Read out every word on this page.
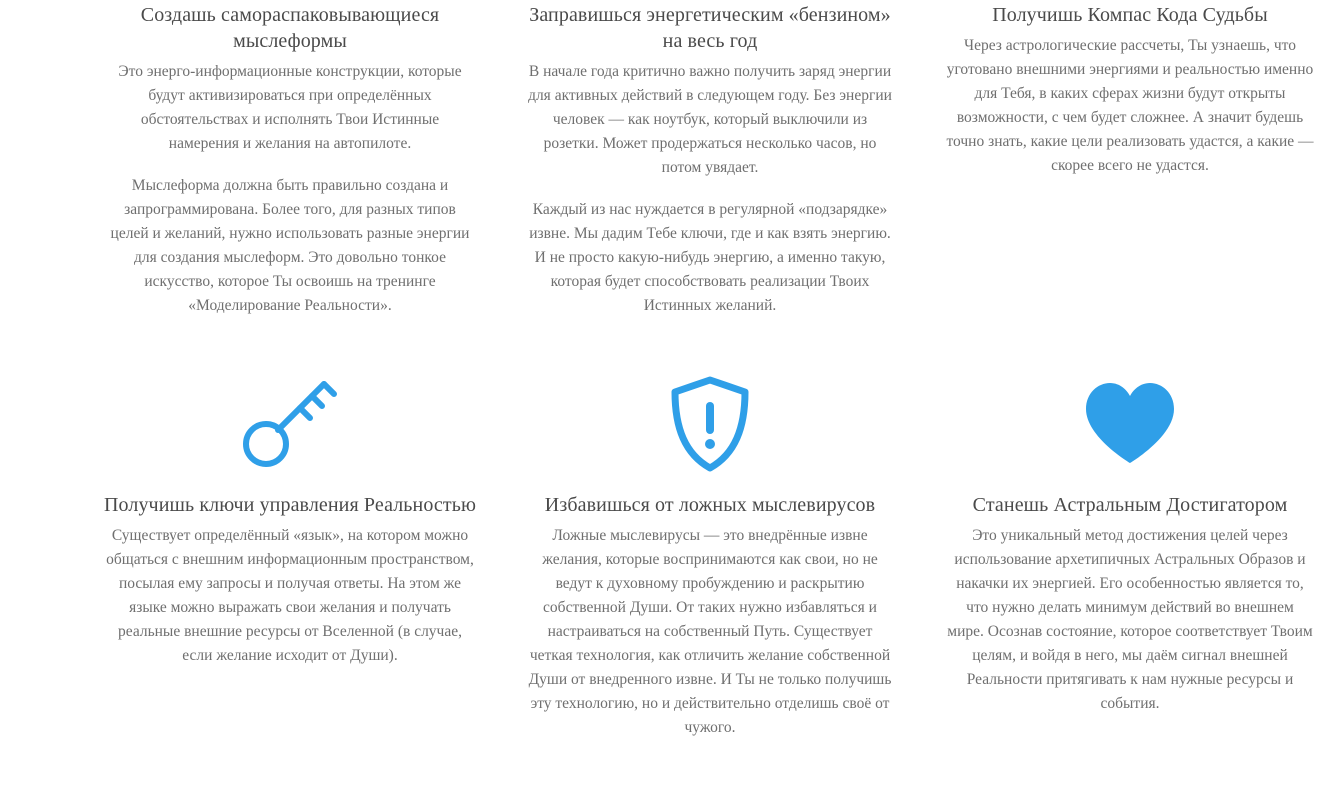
Создашь самораспаковывающиеся мыслеформы

Это энерго-информационные конструкции, которые будут активизироваться при определённых обстоятельствах и исполнять Твои Истинные намерения и желания на автопилоте.

Мыслеформа должна быть правильно создана и запрограммирована. Более того, для разных типов целей и желаний, нужно использовать разные энергии для создания мыслеформ. Это довольно тонкое искусство, которое Ты освоишь на тренинге «Моделирование Реальности».

Заправишься энергетическим «бензином» на весь год

В начале года критично важно получить заряд энергии для активных действий в следующем году. Без энергии человек — как ноутбук, который выключили из розетки. Может продержаться несколько часов, но потом увядает.

Каждый из нас нуждается в регулярной «подзарядке» извне. Мы дадим Тебе ключи, где и как взять энергию. И не просто какую-нибудь энергию, а именно такую, которая будет способствовать реализации Твоих Истинных желаний.

Получишь Компас Кода Судьбы

Через астрологические рассчеты, Ты узнаешь, что уготовано внешними энергиями и реальностью именно для Тебя, в каких сферах жизни будут открыты возможности, с чем будет сложнее. А значит будешь точно знать, какие цели реализовать удастся, а какие — скорее всего не удастся.

Получишь ключи управления Реальностью

Существует определённый «язык», на котором можно общаться с внешним информационным пространством, посылая ему запросы и получая ответы. На этом же языке можно выражать свои желания и получать реальные внешние ресурсы от Вселенной (в случае, если желание исходит от Души).

Избавишься от ложных мыслевирусов

Ложные мыслевирусы — это внедрённые извне желания, которые воспринимаются как свои, но не ведут к духовному пробуждению и раскрытию собственной Души. От таких нужно избавляться и настраиваться на собственный Путь. Существует четкая технология, как отличить желание собственной Души от внедренного извне. И Ты не только получишь эту технологию, но и действительно отделишь своё от чужого.

Станешь Астральным Достигатором

Это уникальный метод достижения целей через использование архетипичных Астральных Образов и накачки их энергией. Его особенностью является то, что нужно делать минимум действий во внешнем мире. Осознав состояние, которое соответствует Твоим целям, и войдя в него, мы даём сигнал внешней Реальности притягивать к нам нужные ресурсы и события.
